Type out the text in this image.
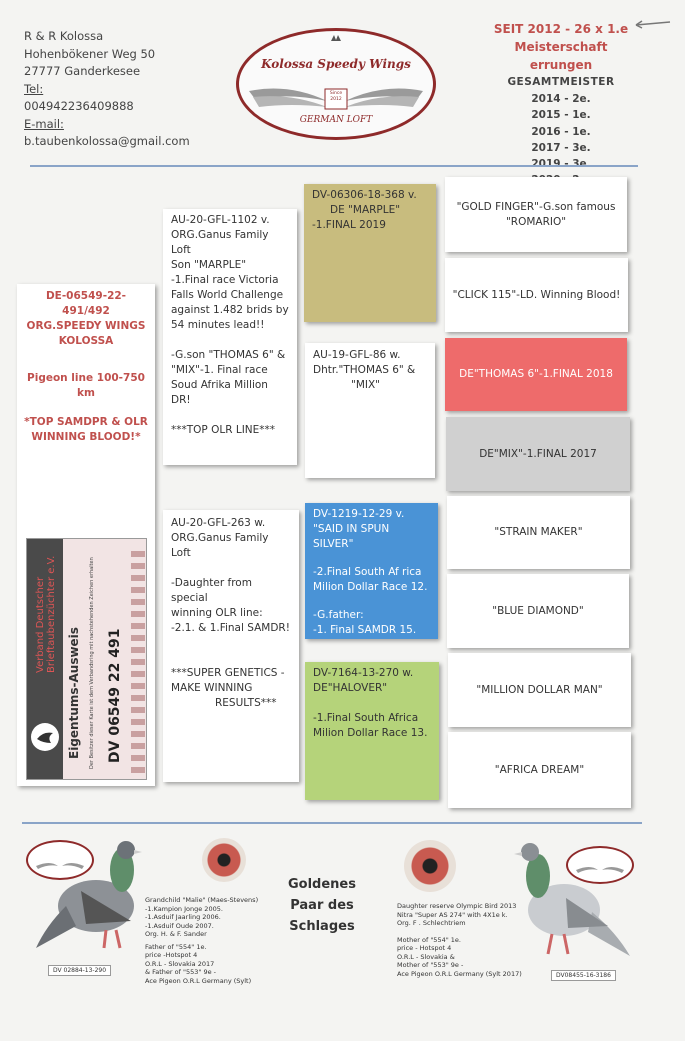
R & R Kolossa
Hohenbökener Weg 50
27777 Ganderkesee
Tel:
004942236409888
E-mail:
b.taubenkolossa@gmail.com
Kolossa Speedy Wings
Since 2012
GERMAN LOFT
SEIT 2012 - 26 x 1.e
Meisterschaft errungen
GESAMTMEISTER
2014 - 2e.
2015 - 1e.
2016 - 1e.
2017 - 3e.
DE-06549-22- 491/492
ORG.SPEEDY WINGS
KOLOSSA
Pigeon line 100-750 km
*TOP SAMDPR & OLR
WINNING BLOOD!*
Verband Deutscher Brieftaubenzüchter e.V.
Eigentums-Ausweis	Der Besitzer dieser Karte ist dem Verbandsring mit nachstehenden Zeichen erhalten
DV 06549 22 491
AU-20-GFL-1102 v.
ORG.Ganus Family Loft
Son "MARPLE"
-1.Final race Victoria
Falls World Challenge
against 1.482 brids by
54 minutes lead!!
-G.son "THOMAS 6" &
"MIX"-1. Final race
Soud Afrika Million DR!
***TOP OLR LINE***
AU-20-GFL-263 w.
ORG.Ganus Family Loft
-Daughter from special
winning OLR line:
-2.1. & 1.Final SAMDR!
***SUPER GENETICS -
MAKE WINNING
RESULTS***
DV-06306-18-368 v.
DE "MARPLE"
-1.FINAL 2019
AU-19-GFL-86 w.
Dhtr."THOMAS 6" &
"MIX"
DV-1219-12-29 v.
"SAID IN SPUN SILVER"
-2.Final South Af rica
Milion Dollar Race 12.
-G.father:
-1. Final SAMDR 15.
DV-7164-13-270 w.
DE"HALOVER"
-1.Final South Africa
Milion Dollar Race 13.
"GOLD FINGER"-G.son famous
"ROMARIO"
"CLICK 115"-LD. Winning Blood!
DE"THOMAS 6"-1.FINAL 2018
DE"MIX"-1.FINAL 2017
"STRAIN MAKER"
"BLUE DIAMOND"
"MILLION DOLLAR MAN"
"AFRICA DREAM"
DV 02884-13-290
Grandchild "Malie" (Maes-Stevens)
-1.Kampion Jonge 2005.
-1.Asduif Jaarling 2006.
-1.Asduif Oude 2007.
Org. H. & F. Sander
Father of "554" 1e.
price -Hotspot 4
O.R.L - Slovakia 2017
& Father of "553" 9e -
Ace Pigeon O.R.L Germany (Sylt)
Goldenes
Paar des
Schlages
Daughter reserve Olympic Bird 2013
Nitra "Super AS 274" with 4X1e k.
Org. F . Schlechtriem
Mother of "554" 1e.
price - Hotspot 4
O.R.L - Slovakia &
Mother of "553" 9e -
Ace Pigeon O.R.L Germany (Sylt 2017)	DV08455-16-3186
